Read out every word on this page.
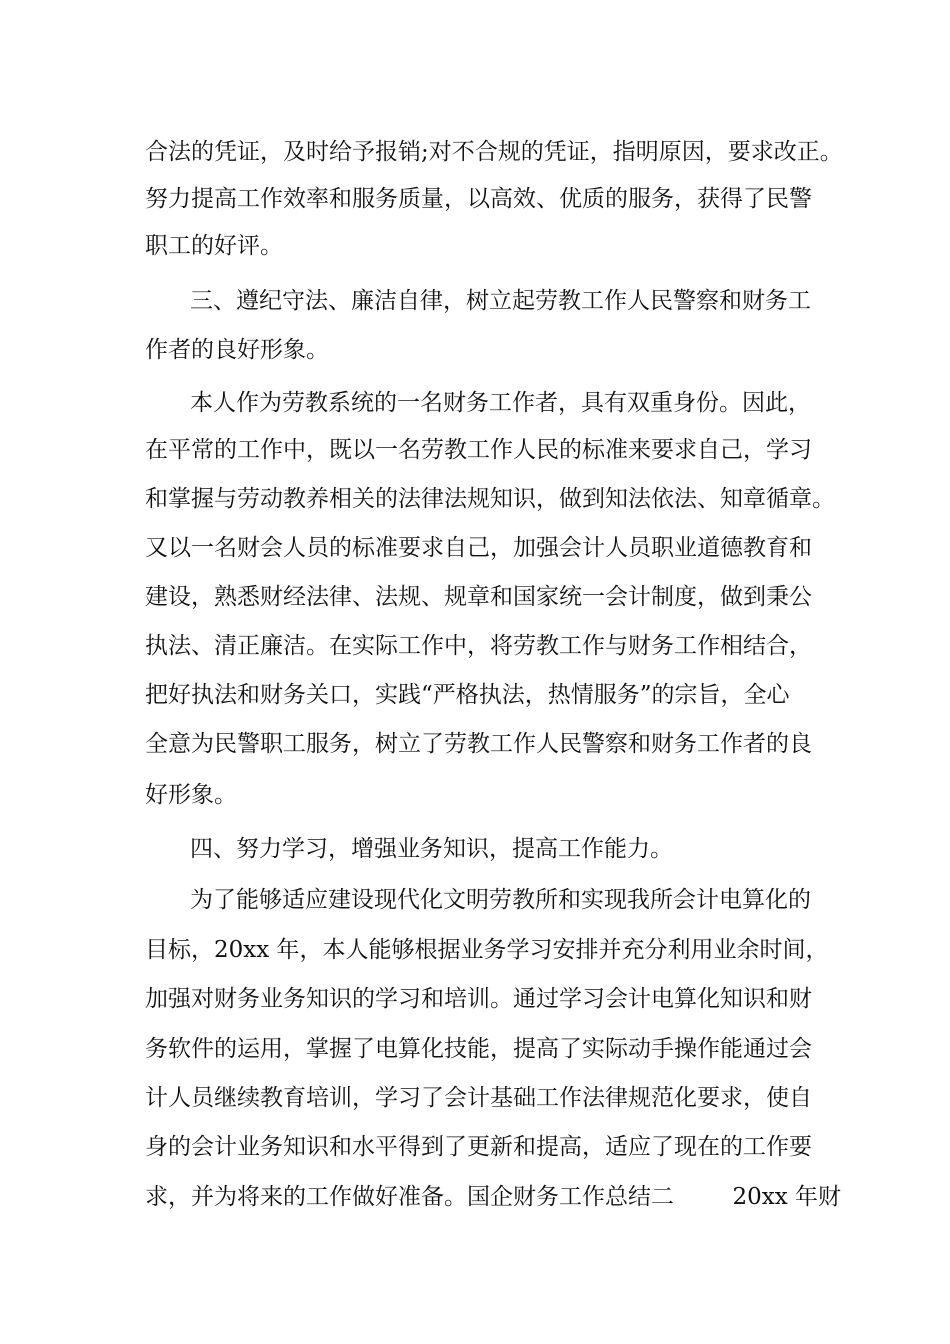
合法的凭证，及时给予报销;对不合规的凭证，指明原因，要求改正。
努力提高工作效率和服务质量，以高效、优质的服务，获得了民警
职工的好评。
三、遵纪守法、廉洁自律，树立起劳教工作人民警察和财务工
作者的良好形象。
本人作为劳教系统的一名财务工作者，具有双重身份。因此，
在平常的工作中，既以一名劳教工作人民的标准来要求自己，学习
和掌握与劳动教养相关的法律法规知识，做到知法依法、知章循章。
又以一名财会人员的标准要求自己，加强会计人员职业道德教育和
建设，熟悉财经法律、法规、规章和国家统一会计制度，做到秉公
执法、清正廉洁。在实际工作中，将劳教工作与财务工作相结合，
把好执法和财务关口，实践“严格执法，热情服务”的宗旨，全心
全意为民警职工服务，树立了劳教工作人民警察和财务工作者的良
好形象。
四、努力学习，增强业务知识，提高工作能力。
为了能够适应建设现代化文明劳教所和实现我所会计电算化的
目标，20xx 年，本人能够根据业务学习安排并充分利用业余时间，
加强对财务业务知识的学习和培训。通过学习会计电算化知识和财
务软件的运用，掌握了电算化技能，提高了实际动手操作能通过会
计人员继续教育培训，学习了会计基础工作法律规范化要求，使自
身的会计业务知识和水平得到了更新和提高，适应了现在的工作要
求，并为将来的工作做好准备。国企财务工作总结二        20xx 年财
